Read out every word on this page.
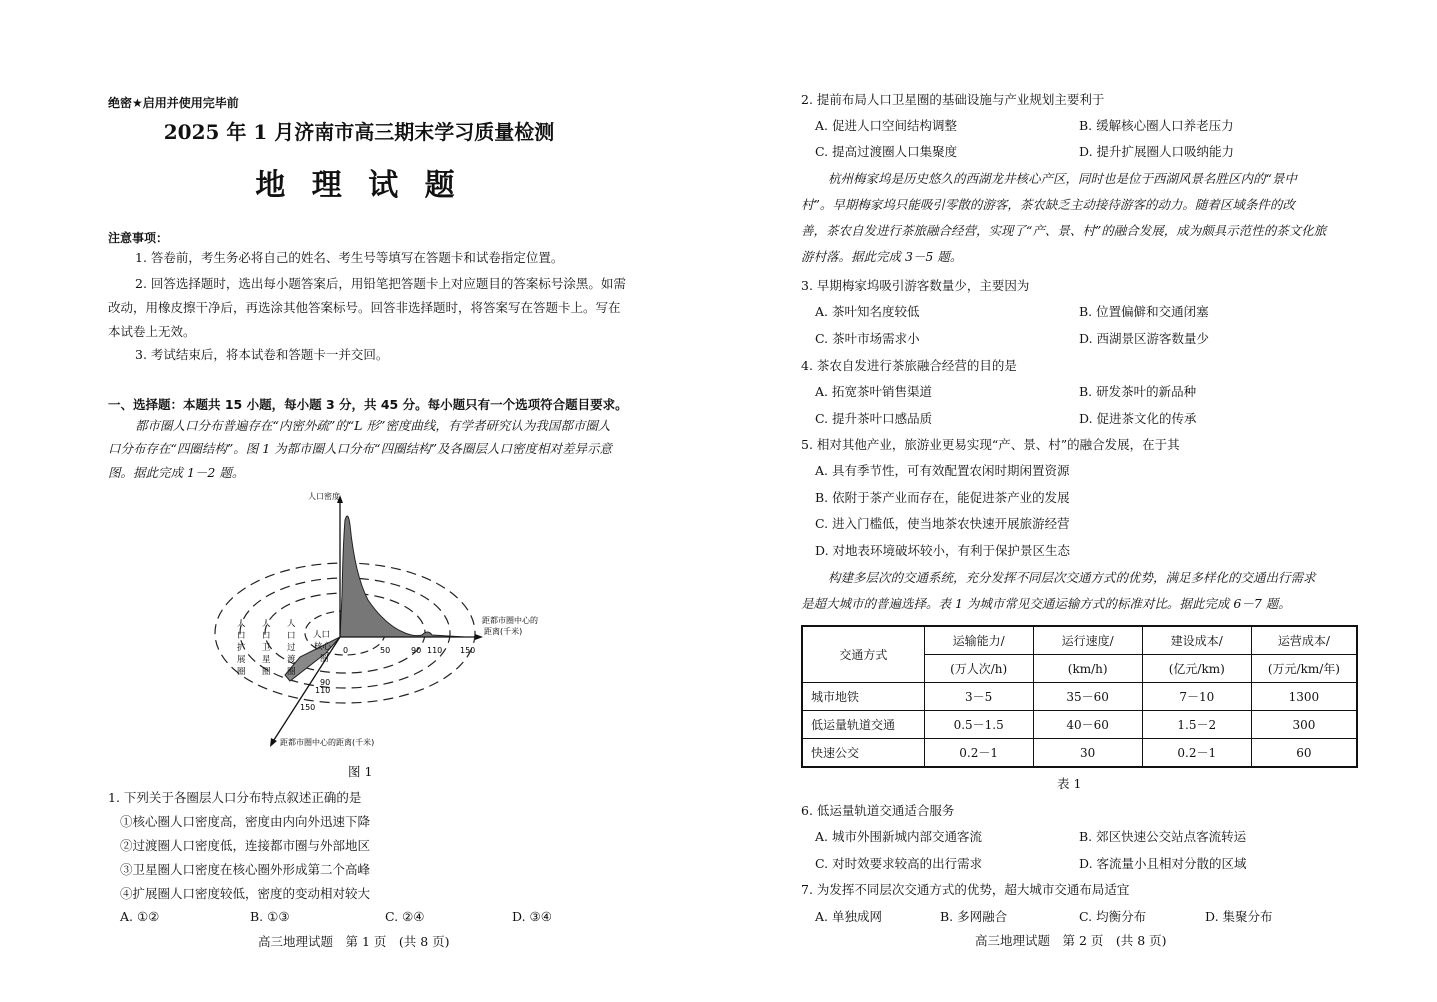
绝密★启用并使用完毕前
2025 年 1 月济南市高三期末学习质量检测
地 理 试 题
注意事项：
1. 答卷前，考生务必将自己的姓名、考生号等填写在答题卡和试卷指定位置。
2. 回答选择题时，选出每小题答案后，用铅笔把答题卡上对应题目的答案标号涂黑。如需
改动，用橡皮擦干净后，再选涂其他答案标号。回答非选择题时，将答案写在答题卡上。写在
本试卷上无效。
3. 考试结束后，将本试卷和答题卡一并交回。
一、选择题：本题共 15 小题，每小题 3 分，共 45 分。每小题只有一个选项符合题目要求。
都市圈人口分布普遍存在“内密外疏”的“L 形”密度曲线，有学者研究认为我国都市圈人
口分布存在“四圈结构”。图 1 为都市圈人口分布“四圈结构”及各圈层人口密度相对差异示意
图。据此完成 1－2 题。
人口密度
距都市圈中心的
距离(千米)
距都市圈中心的距离(千米)
0	50	90 110 150
90
110
150
人
口
扩
展
圈
人
口
卫
星
圈
人
口
过
渡
圈
人口
核心
圈
图 1
1. 下列关于各圈层人口分布特点叙述正确的是
①核心圈人口密度高，密度由内向外迅速下降
②过渡圈人口密度低，连接都市圈与外部地区
③卫星圈人口密度在核心圈外形成第二个高峰
④扩展圈人口密度较低，密度的变动相对较大
A. ①②	B. ①③	C. ②④	D. ③④
高三地理试题　第 1 页　(共 8 页)
2. 提前布局人口卫星圈的基础设施与产业规划主要利于
A. 促进人口空间结构调整	B. 缓解核心圈人口养老压力
C. 提高过渡圈人口集聚度	D. 提升扩展圈人口吸纳能力
杭州梅家坞是历史悠久的西湖龙井核心产区，同时也是位于西湖风景名胜区内的“景中
村”。早期梅家坞只能吸引零散的游客，茶农缺乏主动接待游客的动力。随着区域条件的改
善，茶农自发进行茶旅融合经营，实现了“产、景、村”的融合发展，成为颇具示范性的茶文化旅
游村落。据此完成 3－5 题。
3. 早期梅家坞吸引游客数量少，主要因为
A. 茶叶知名度较低	B. 位置偏僻和交通闭塞
C. 茶叶市场需求小	D. 西湖景区游客数量少
4. 茶农自发进行茶旅融合经营的目的是
A. 拓宽茶叶销售渠道	B. 研发茶叶的新品种
C. 提升茶叶口感品质	D. 促进茶文化的传承
5. 相对其他产业，旅游业更易实现“产、景、村”的融合发展，在于其
A. 具有季节性，可有效配置农闲时期闲置资源
B. 依附于茶产业而存在，能促进茶产业的发展
C. 进入门槛低，使当地茶农快速开展旅游经营
D. 对地表环境破坏较小，有利于保护景区生态
构建多层次的交通系统，充分发挥不同层次交通方式的优势，满足多样化的交通出行需求
是超大城市的普遍选择。表 1 为城市常见交通运输方式的标准对比。据此完成 6－7 题。
交通方式	运输能力/	运行速度/	建设成本/	运营成本/
	(万人次/h)	(km/h)	(亿元/km)	(万元/km/年)
城市地铁	3－5	35－60	7－10	1300
低运量轨道交通	0.5－1.5	40－60	1.5－2	300
快速公交	0.2－1	30	0.2－1	60
表 1
6. 低运量轨道交通适合服务
A. 城市外围新城内部交通客流	B. 郊区快速公交站点客流转运
C. 对时效要求较高的出行需求	D. 客流量小且相对分散的区域
7. 为发挥不同层次交通方式的优势，超大城市交通布局适宜
A. 单独成网	B. 多网融合	C. 均衡分布	D. 集聚分布
高三地理试题　第 2 页　(共 8 页)
